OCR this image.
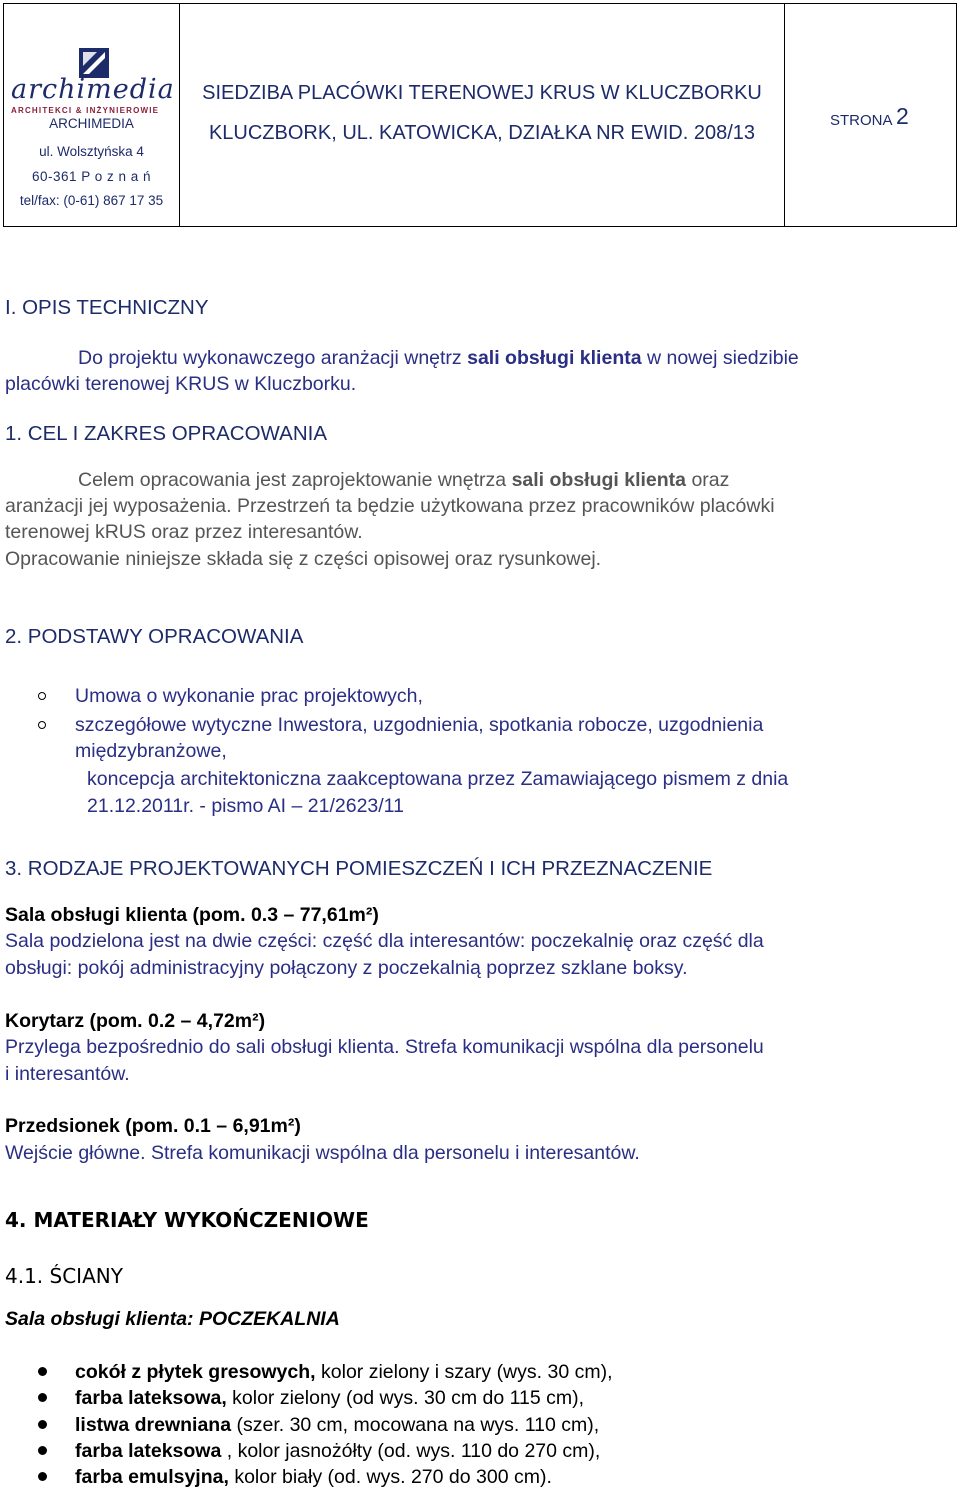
archimedia
ARCHITEKCI & INŻYNIEROWIE
ARCHIMEDIA
ul. Wolsztyńska 4
60-361 P o z n a ń
tel/fax: (0-61) 867 17 35
SIEDZIBA PLACÓWKI TERENOWEJ KRUS W KLUCZBORKU
KLUCZBORK, UL. KATOWICKA, DZIAŁKA NR EWID. 208/13
STRONA 2
I. OPIS TECHNICZNY
Do projektu wykonawczego aranżacji wnętrz sali obsługi klienta w nowej siedzibie
placówki terenowej KRUS w Kluczborku.
1. CEL I ZAKRES OPRACOWANIA
Celem opracowania jest zaprojektowanie wnętrza sali obsługi klienta oraz
aranżacji jej wyposażenia. Przestrzeń ta będzie użytkowana przez pracowników placówki
terenowej kRUS oraz przez interesantów.
Opracowanie niniejsze składa się z części opisowej oraz rysunkowej.
2. PODSTAWY OPRACOWANIA
Umowa o wykonanie prac projektowych,
szczegółowe wytyczne Inwestora, uzgodnienia, spotkania robocze, uzgodnienia
międzybranżowe,
koncepcja architektoniczna zaakceptowana przez Zamawiającego pismem z dnia
21.12.2011r. - pismo AI – 21/2623/11
3. RODZAJE PROJEKTOWANYCH POMIESZCZEŃ I ICH PRZEZNACZENIE
Sala obsługi klienta (pom. 0.3 – 77,61m²)
Sala podzielona jest na dwie części: część dla interesantów: poczekalnię oraz część dla
obsługi: pokój administracyjny połączony z poczekalnią poprzez szklane boksy.
Korytarz (pom. 0.2 – 4,72m²)
Przylega bezpośrednio do sali obsługi klienta. Strefa komunikacji wspólna dla personelu
i interesantów.
Przedsionek (pom. 0.1 – 6,91m²)
Wejście główne. Strefa komunikacji wspólna dla personelu i interesantów.
4. MATERIAŁY WYKOŃCZENIOWE
4.1. ŚCIANY
Sala obsługi klienta: POCZEKALNIA
cokół z płytek gresowych, kolor zielony i szary (wys. 30 cm),
farba lateksowa, kolor zielony (od wys. 30 cm do 115 cm),
listwa drewniana (szer. 30 cm, mocowana na wys. 110 cm),
farba lateksowa , kolor jasnożółty (od. wys. 110 do 270 cm),
farba emulsyjna, kolor biały (od. wys. 270 do 300 cm).
